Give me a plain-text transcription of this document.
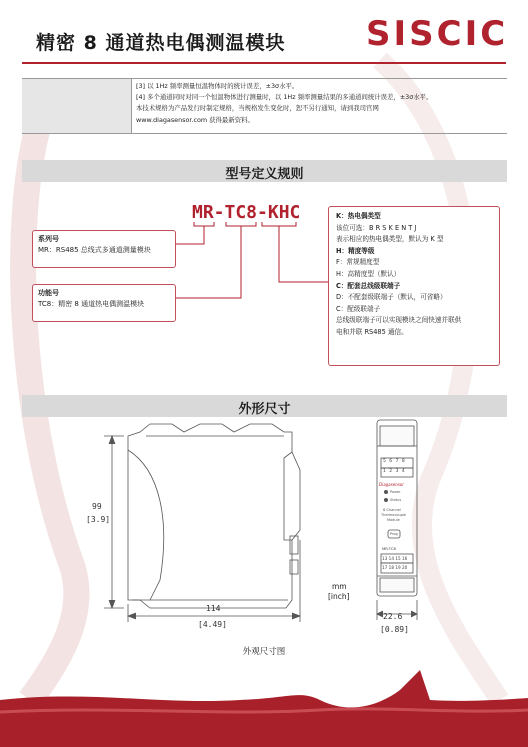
精密 8 通道热电偶测温模块 SISCIC

[3] 以 1Hz 频率测量恒温物体时的统计误差，±3σ水平。

[4] 多个通道同时对同一个恒温物体进行测量时，以 1Hz 频率测量结果的多通道间统计误差，±3σ水平。

本技术规格为产品发行时制定规格，当规格发生变化时，恕不另行通知，请到我司官网

www.diagasensor.com 获得最新资料。

型号定义规则
MR-TC8-KHC
系列号
MR：RS485 总线式多通道测量模块
功能号
TC8：精密 8 通道热电偶测温模块
K：热电偶类型
该位可选：B R S K E N T J
表示相应的热电偶类型，默认为 K 型
H：精度等级
F：常规精度型
H：高精度型（默认）
C：配套总线级联端子
D：不配套级联端子（默认，可省略）
C：配级联端子
总线级联端子可以实现模块之间快速并联供
电和并联 RS485 通信。
外形尺寸
99
[3.9]
114
[4.49]
22.6
[0.89]
5 6 7 8
1 2 3 4
Diagasensor
Power
Status
8-Channel
Thermocouple
Module
Prog
MR-TC8
13 14 15 16
17 18 19 20
mm
[inch]
外观尺寸图
